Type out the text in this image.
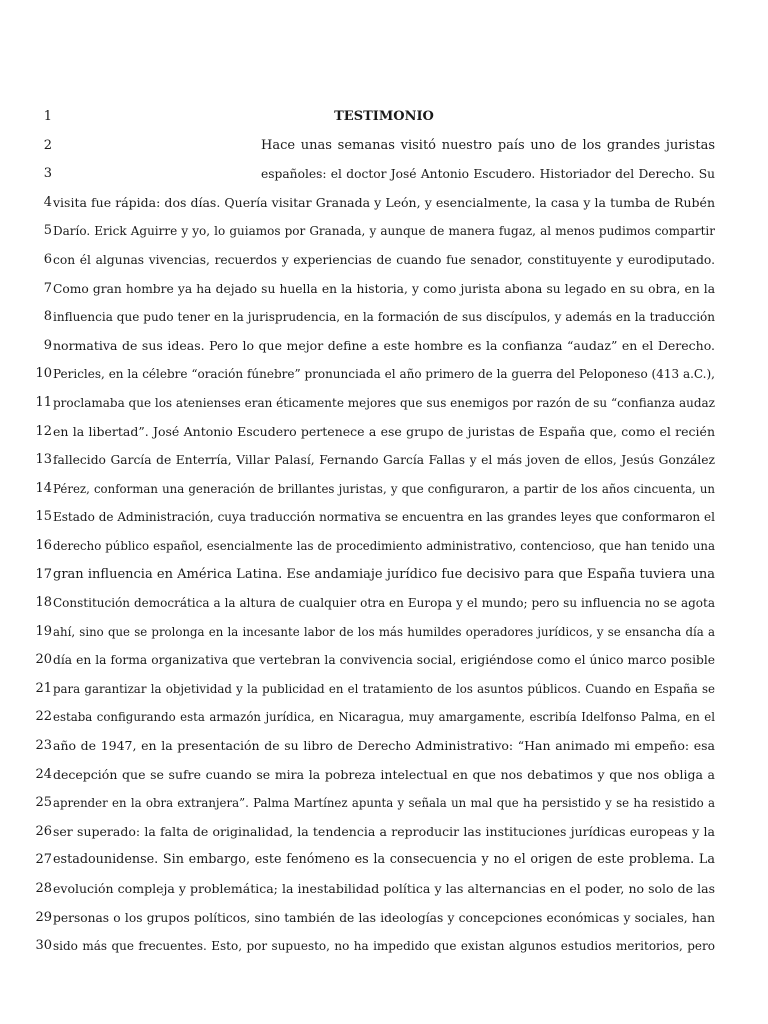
1	TESTIMONIO
2	Hace unas semanas visitó nuestro país uno de los grandes juristas
3	españoles: el doctor José Antonio Escudero. Historiador del Derecho. Su
4 visita fue rápida: dos días. Quería visitar Granada y León, y esencialmente, la casa y la tumba de Rubén
5 Darío. Erick Aguirre y yo, lo guiamos por Granada, y aunque de manera fugaz, al menos pudimos compartir
6 con él algunas vivencias, recuerdos y experiencias de cuando fue senador, constituyente y eurodiputado.
7 Como gran hombre ya ha dejado su huella en la historia, y como jurista abona su legado en su obra, en la
8 influencia que pudo tener en la jurisprudencia, en la formación de sus discípulos, y además en la traducción
9 normativa de sus ideas. Pero lo que mejor define a este hombre es la confianza “audaz” en el Derecho.
10 Pericles, en la célebre “oración fúnebre” pronunciada el año primero de la guerra del Peloponeso (413 a.C.),
11 proclamaba que los atenienses eran éticamente mejores que sus enemigos por razón de su “confianza audaz
12 en la libertad”. José Antonio Escudero pertenece a ese grupo de juristas de España que, como el recién
13 fallecido García de Enterría, Villar Palasí, Fernando García Fallas y el más joven de ellos, Jesús González
14 Pérez, conforman una generación de brillantes juristas, y que configuraron, a partir de los años cincuenta, un
15 Estado de Administración, cuya traducción normativa se encuentra en las grandes leyes que conformaron el
16 derecho público español, esencialmente las de procedimiento administrativo, contencioso, que han tenido una
17 gran influencia en América Latina. Ese andamiaje jurídico fue decisivo para que España tuviera una
18 Constitución democrática a la altura de cualquier otra en Europa y el mundo; pero su influencia no se agota
19 ahí, sino que se prolonga en la incesante labor de los más humildes operadores jurídicos, y se ensancha día a
20 día en la forma organizativa que vertebran la convivencia social, erigiéndose como el único marco posible
21 para garantizar la objetividad y la publicidad en el tratamiento de los asuntos públicos. Cuando en España se
22 estaba configurando esta armazón jurídica, en Nicaragua, muy amargamente, escribía Idelfonso Palma, en el
23 año de 1947, en la presentación de su libro de Derecho Administrativo: “Han animado mi empeño: esa
24 decepción que se sufre cuando se mira la pobreza intelectual en que nos debatimos y que nos obliga a
25 aprender en la obra extranjera”. Palma Martínez apunta y señala un mal que ha persistido y se ha resistido a
26 ser superado: la falta de originalidad, la tendencia a reproducir las instituciones jurídicas europeas y la
27 estadounidense. Sin embargo, este fenómeno es la consecuencia y no el origen de este problema. La
28 evolución compleja y problemática; la inestabilidad política y las alternancias en el poder, no solo de las
29 personas o los grupos políticos, sino también de las ideologías y concepciones económicas y sociales, han
30 sido más que frecuentes. Esto, por supuesto, no ha impedido que existan algunos estudios meritorios, pero
